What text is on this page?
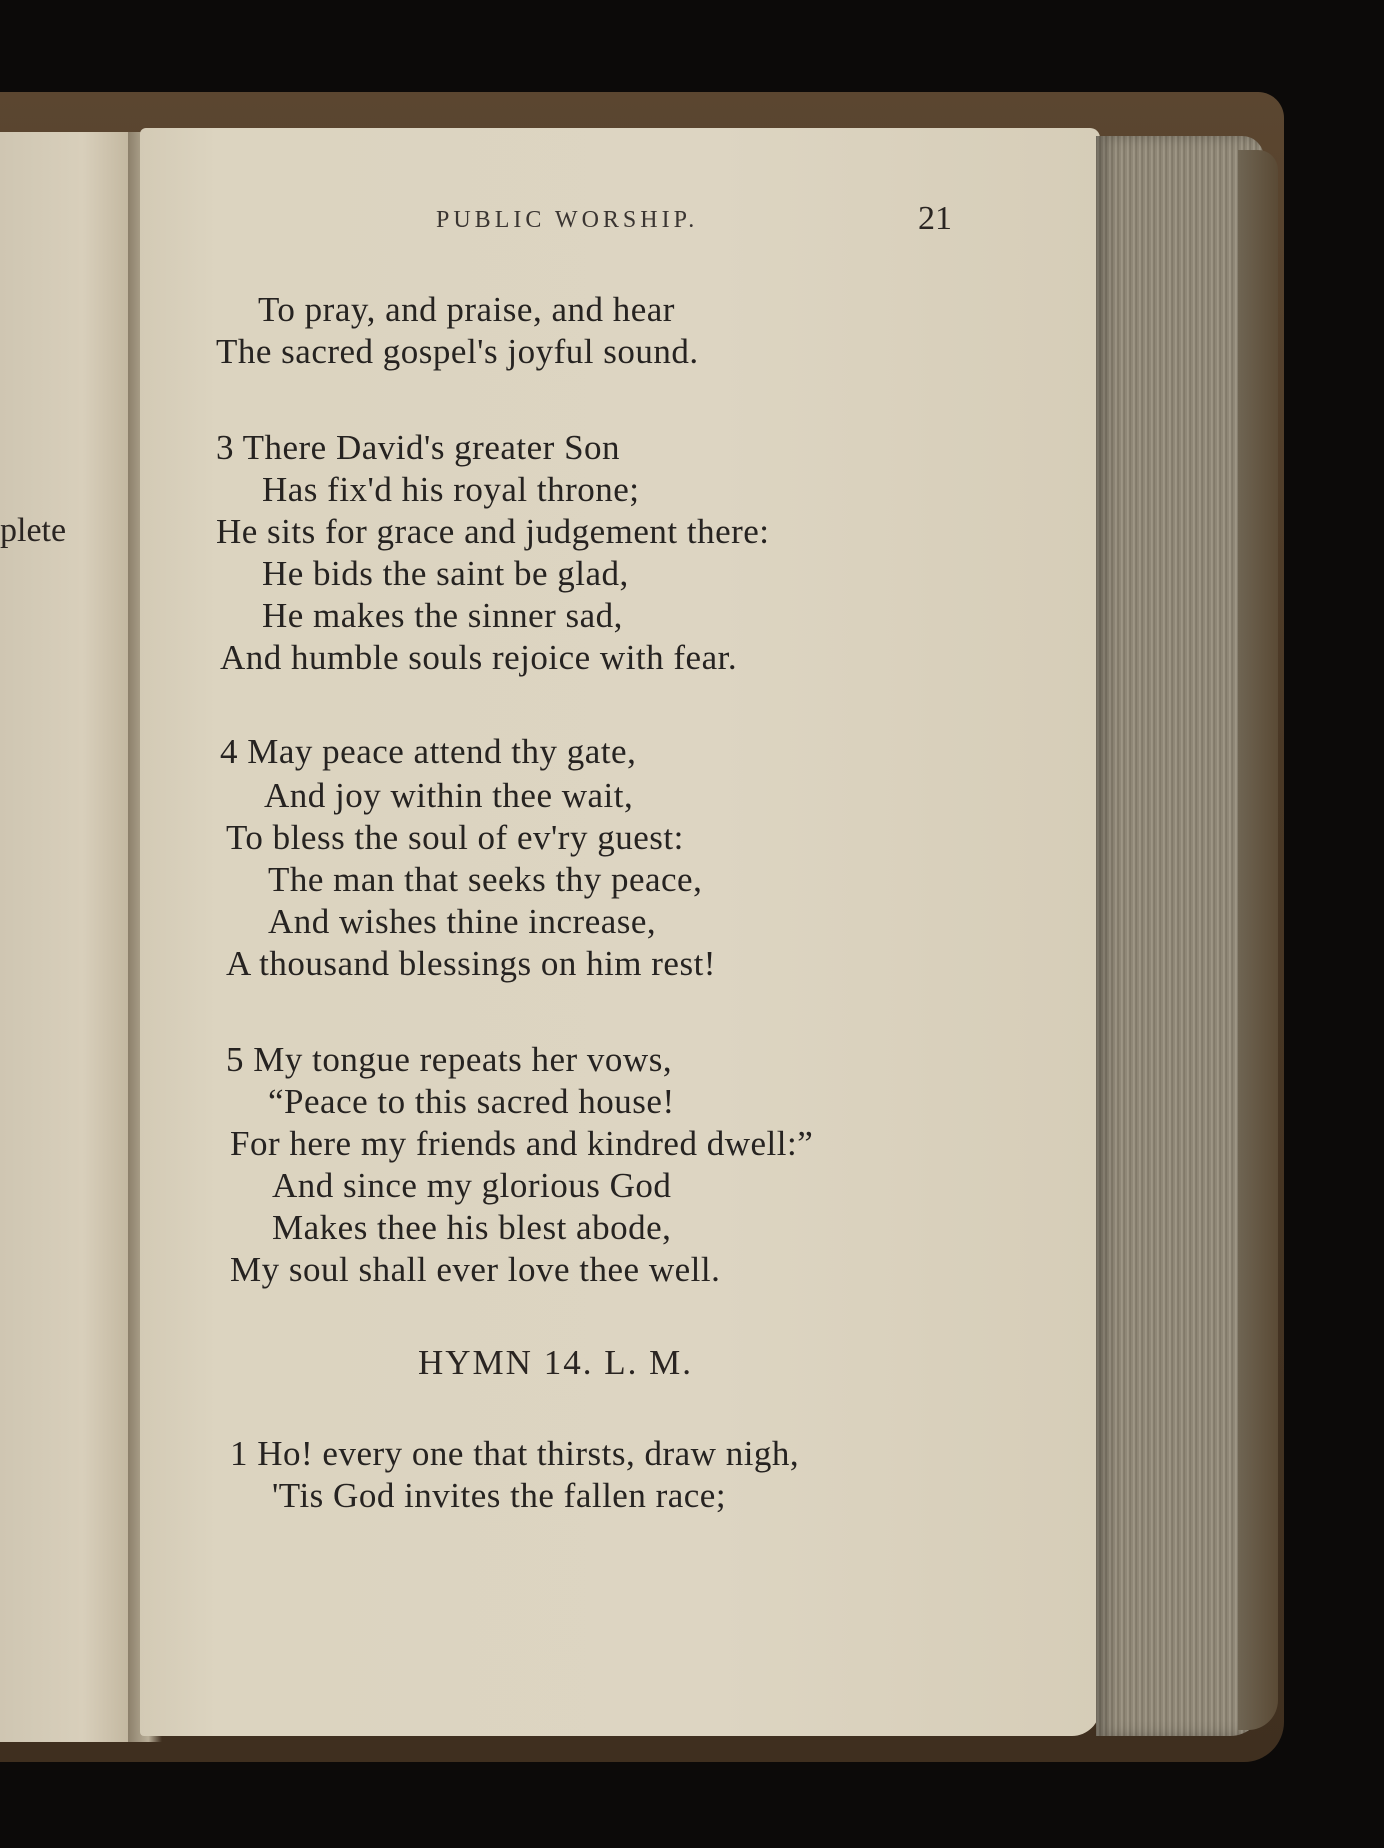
plete
PUBLIC WORSHIP.	21
To pray, and praise, and hear
The sacred gospel's joyful sound.
3 There David's greater Son
Has fix'd his royal throne;
He sits for grace and judgement there:
He bids the saint be glad,
He makes the sinner sad,
And humble souls rejoice with fear.
4 May peace attend thy gate,
And joy within thee wait,
To bless the soul of ev'ry guest:
The man that seeks thy peace,
And wishes thine increase,
A thousand blessings on him rest!
5 My tongue repeats her vows,
“Peace to this sacred house!
For here my friends and kindred dwell:”
And since my glorious God
Makes thee his blest abode,
My soul shall ever love thee well.
HYMN 14. L. M.
1 Ho! every one that thirsts, draw nigh,
'Tis God invites the fallen race;
